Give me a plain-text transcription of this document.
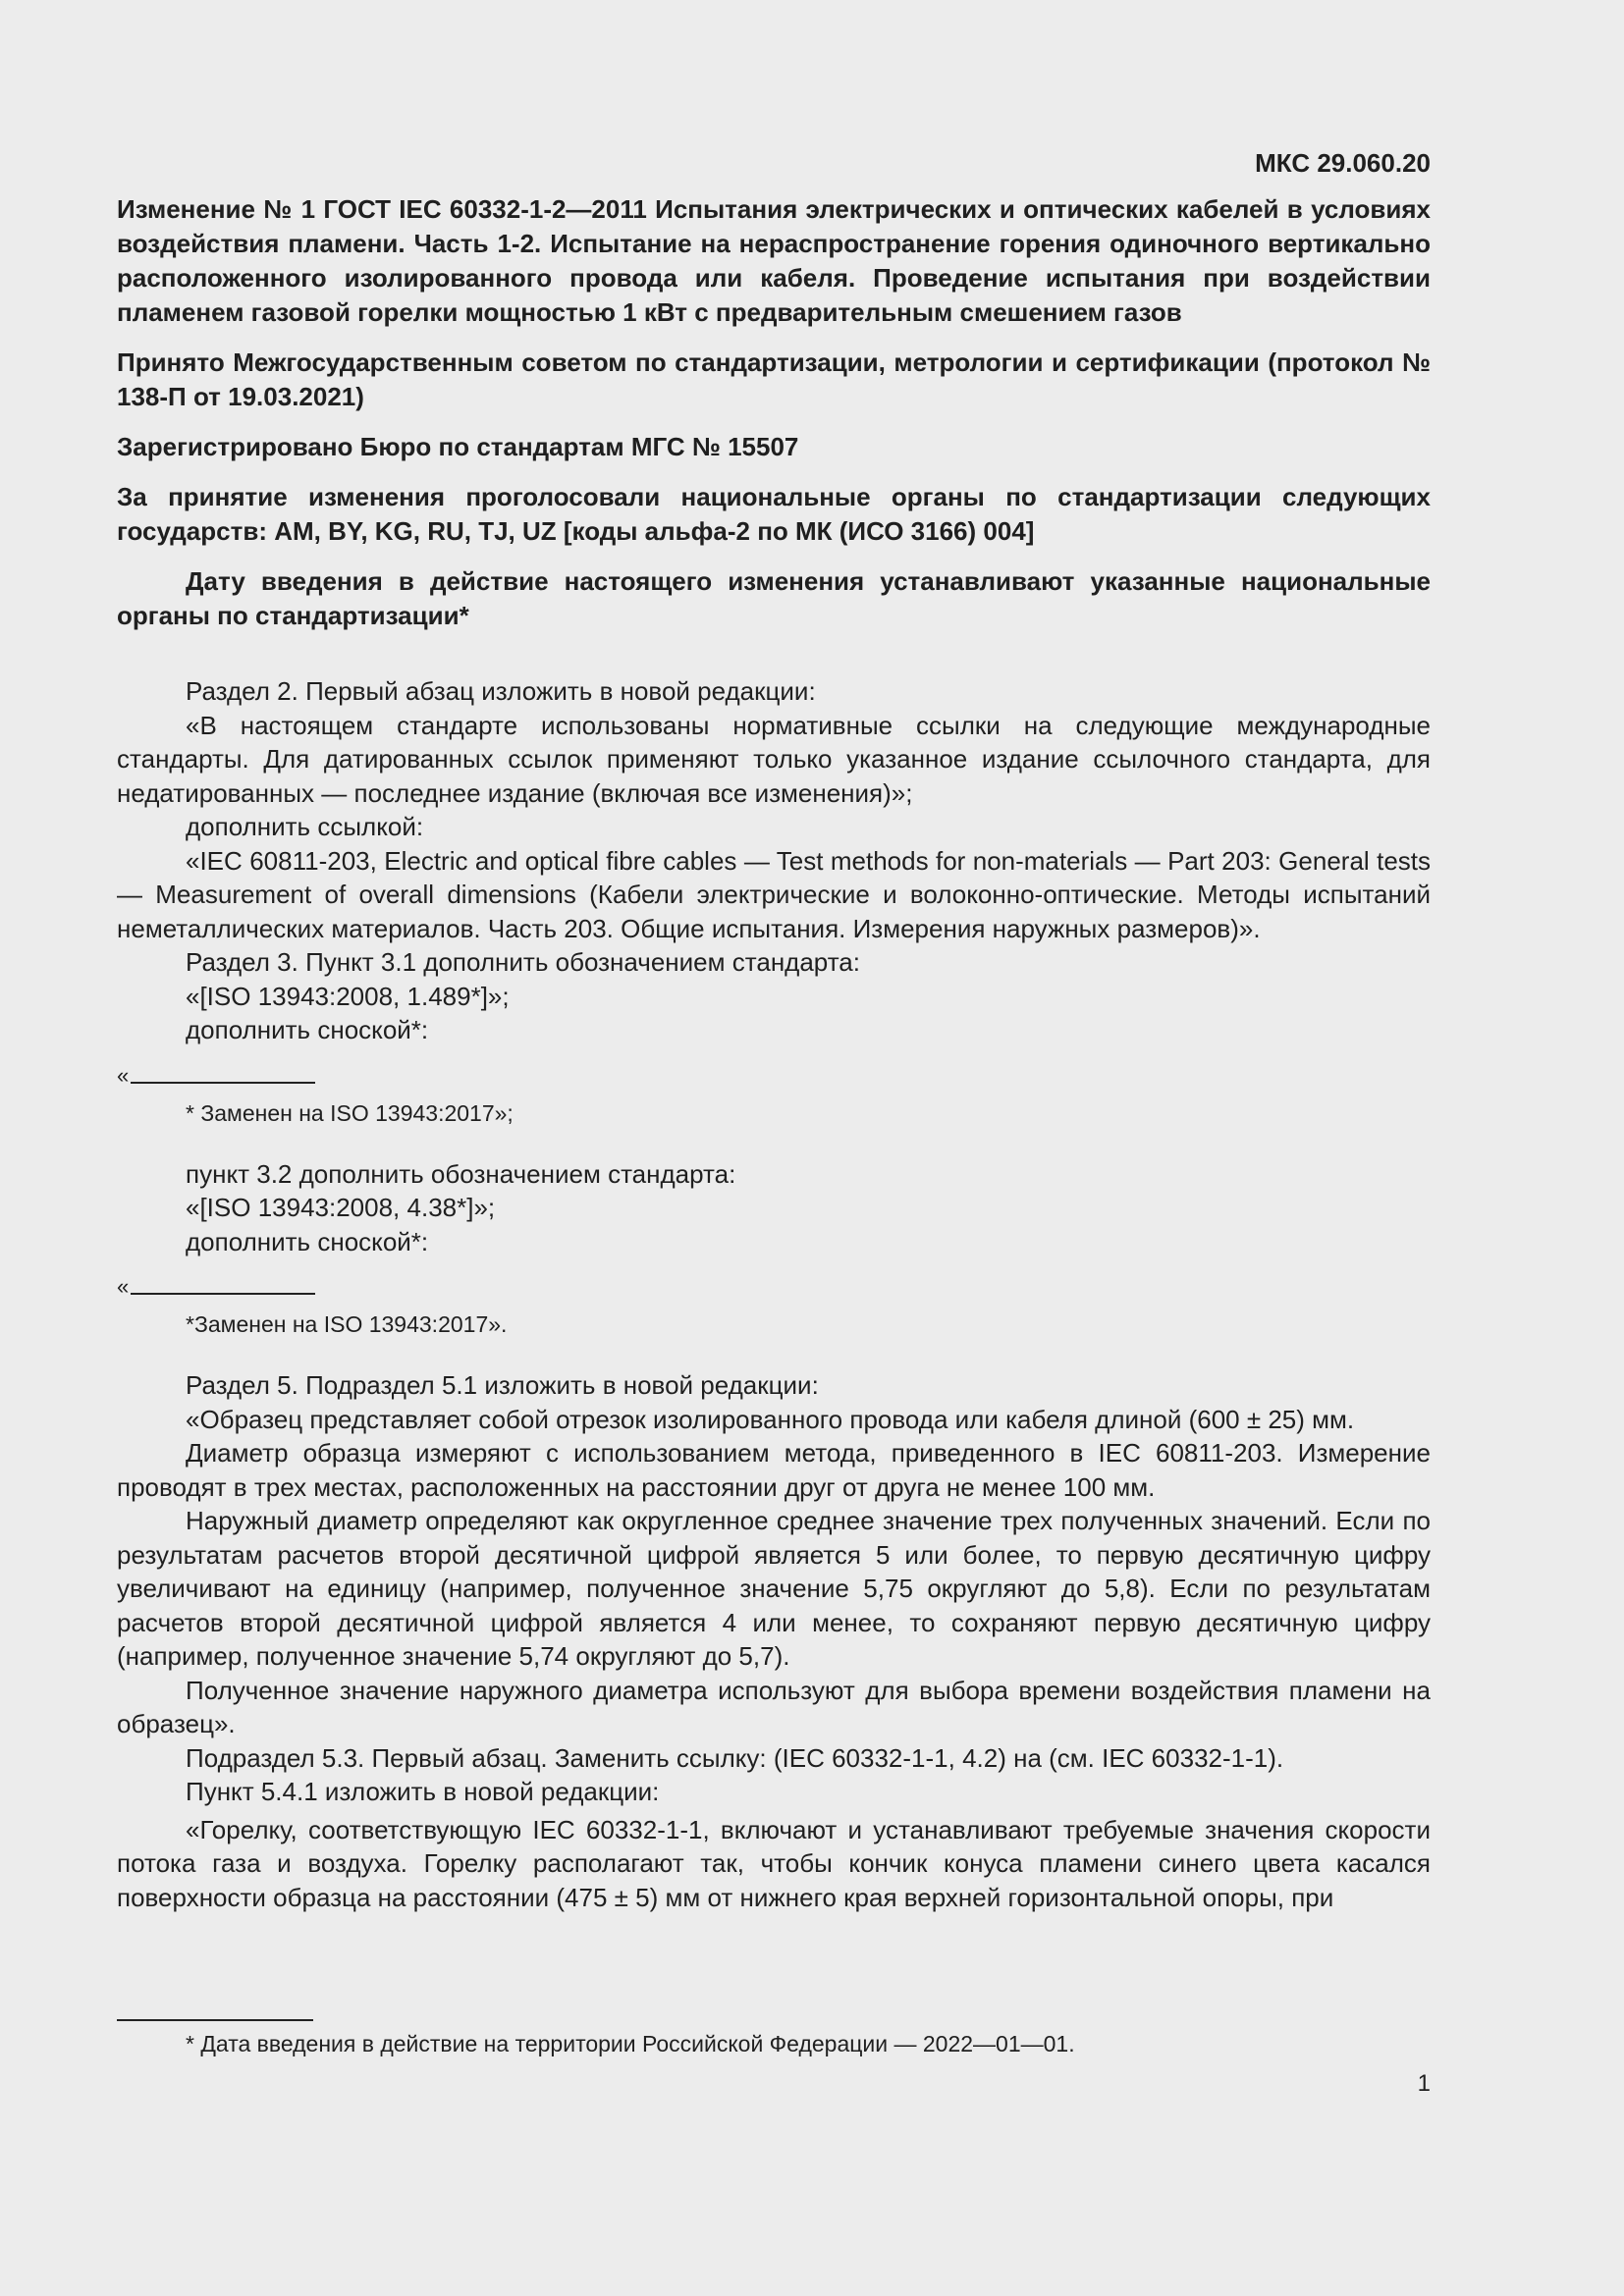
МКС 29.060.20

Изменение № 1 ГОСТ IEC 60332-1-2—2011 Испытания электрических и оптических кабелей в условиях воздействия пламени. Часть 1-2. Испытание на нераспространение горения одиночного вертикально расположенного изолированного провода или кабеля. Проведение испытания при воздействии пламенем газовой горелки мощностью 1 кВт с предварительным смешением газов

Принято Межгосударственным советом по стандартизации, метрологии и сертификации (протокол № 138-П от 19.03.2021)

Зарегистрировано Бюро по стандартам МГС № 15507

За принятие изменения проголосовали национальные органы по стандартизации следующих государств: AM, BY, KG, RU, TJ, UZ [коды альфа-2 по МК (ИСО 3166) 004]

Дату введения в действие настоящего изменения устанавливают указанные национальные органы по стандартизации*

Раздел 2. Первый абзац изложить в новой редакции:

«В настоящем стандарте использованы нормативные ссылки на следующие международные стандарты. Для датированных ссылок применяют только указанное издание ссылочного стандарта, для недатированных — последнее издание (включая все изменения)»;

дополнить ссылкой:

«IEC 60811-203, Electric and optical fibre cables — Test methods for non-materials — Part 203: General tests — Measurement of overall dimensions (Кабели электрические и волоконно-оптические. Методы испытаний неметаллических материалов. Часть 203. Общие испытания. Измерения наружных размеров)».

Раздел 3. Пункт 3.1 дополнить обозначением стандарта:

«[ISO 13943:2008, 1.489*]»;

дополнить сноской*:

«

* Заменен на ISO 13943:2017»;

пункт 3.2 дополнить обозначением стандарта:

«[ISO 13943:2008, 4.38*]»;

дополнить сноской*:

«

*Заменен на ISO 13943:2017».

Раздел 5. Подраздел 5.1 изложить в новой редакции:

«Образец представляет собой отрезок изолированного провода или кабеля длиной (600 ± 25) мм.

Диаметр образца измеряют с использованием метода, приведенного в IEC 60811-203. Измерение проводят в трех местах, расположенных на расстоянии друг от друга не менее 100 мм.

Наружный диаметр определяют как округленное среднее значение трех полученных значений. Если по результатам расчетов второй десятичной цифрой является 5 или более, то первую десятичную цифру увеличивают на единицу (например, полученное значение 5,75 округляют до 5,8). Если по результатам расчетов второй десятичной цифрой является 4 или менее, то сохраняют первую десятичную цифру (например, полученное значение 5,74 округляют до 5,7).

Полученное значение наружного диаметра используют для выбора времени воздействия пламени на образец».

Подраздел 5.3. Первый абзац. Заменить ссылку: (IEC 60332-1-1, 4.2) на (см. IEC 60332-1-1).

Пункт 5.4.1 изложить в новой редакции:

«Горелку, соответствующую IEC 60332-1-1, включают и устанавливают требуемые значения скорости потока газа и воздуха. Горелку располагают так, чтобы кончик конуса пламени синего цвета касался поверхности образца на расстоянии (475 ± 5) мм от нижнего края верхней горизонтальной опоры, при

* Дата введения в действие на территории Российской Федерации — 2022—01—01.
1
